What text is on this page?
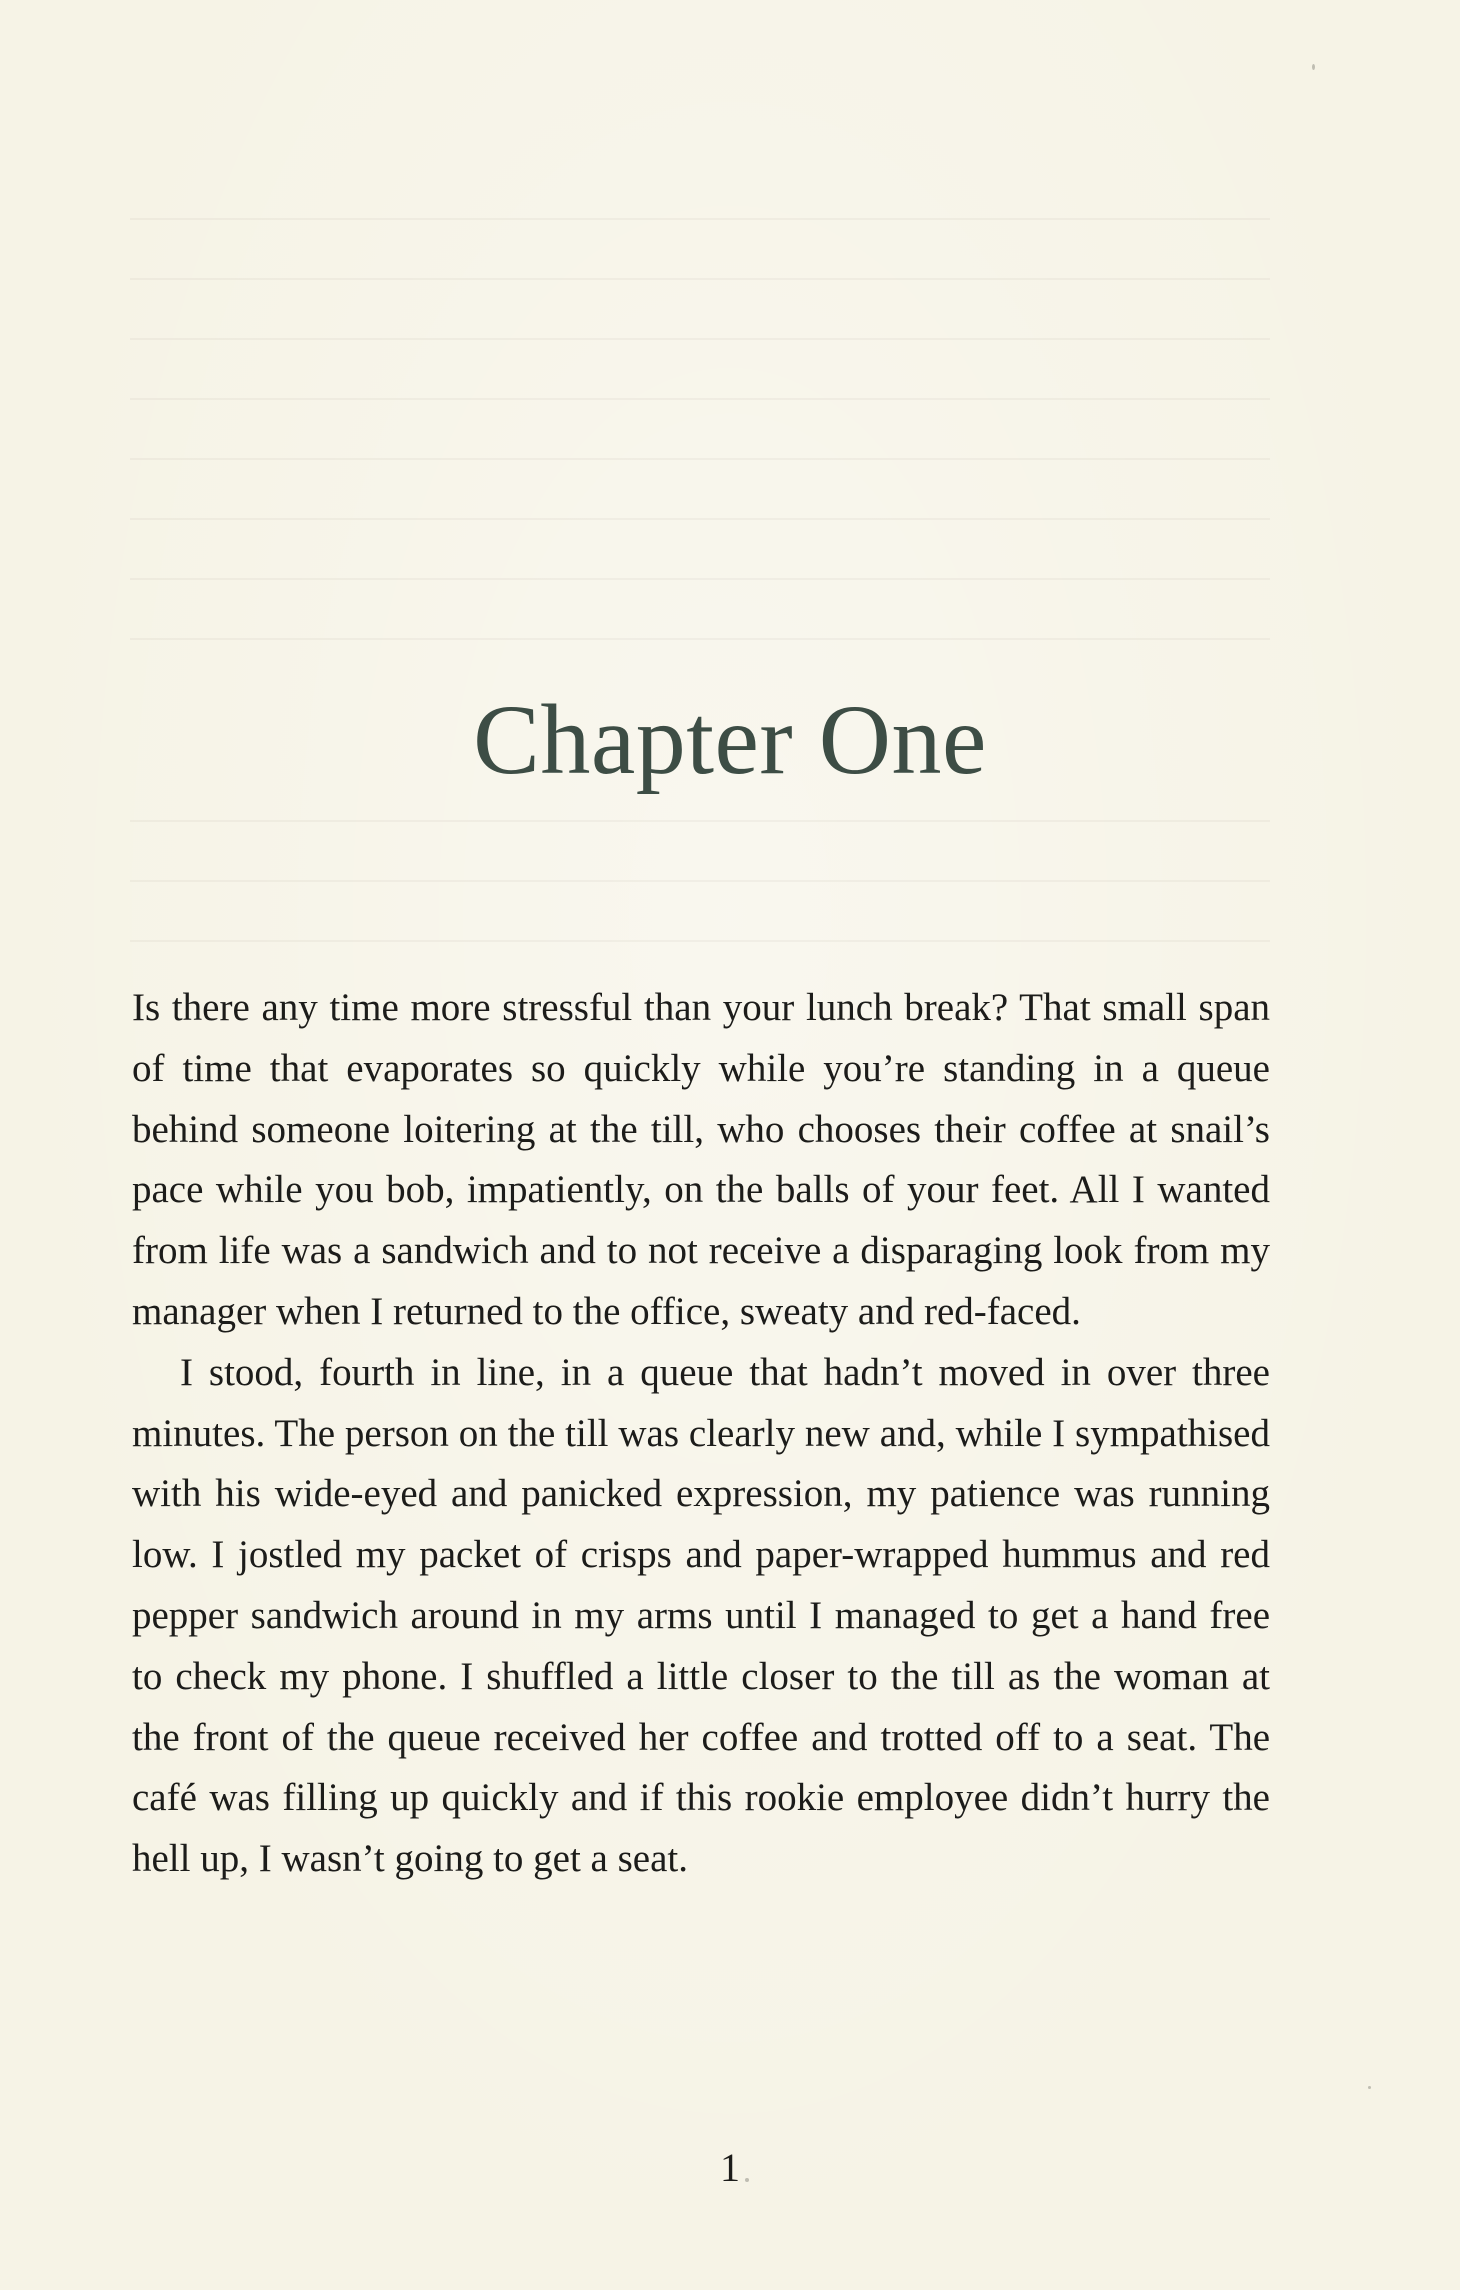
Chapter One

Is there any time more stressful than your lunch break? That small span of time that evaporates so quickly while you’re standing in a queue behind someone loitering at the till, who chooses their coffee at snail’s pace while you bob, impatiently, on the balls of your feet. All I wanted from life was a sandwich and to not receive a disparaging look from my manager when I returned to the office, sweaty and red-faced.

I stood, fourth in line, in a queue that hadn’t moved in over three minutes. The person on the till was clearly new and, while I sympathised with his wide-eyed and panicked expression, my patience was running low. I jostled my packet of crisps and paper-wrapped hummus and red pepper sandwich around in my arms until I managed to get a hand free to check my phone. I shuffled a little closer to the till as the woman at the front of the queue received her coffee and trotted off to a seat. The café was filling up quickly and if this rookie employee didn’t hurry the hell up, I wasn’t going to get a seat.

1
